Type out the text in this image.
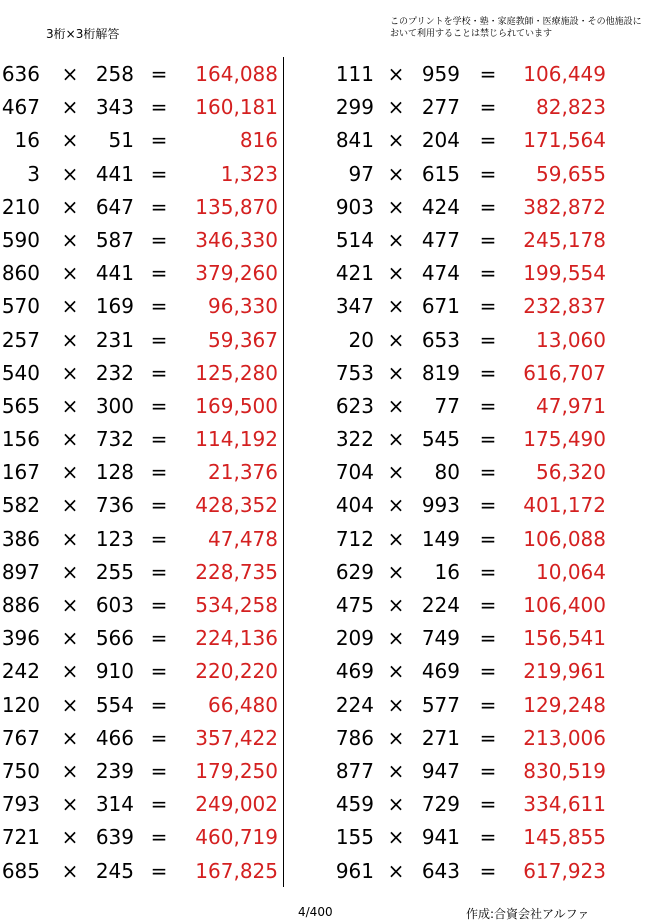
3桁×3桁解答
このプリントを学校・塾・家庭教師・医療施設・その他施設において利用することは禁じられています
636 × 258 =	164,088
467 × 343 =	160,181
16 ×	51 =	816
3 × 441 =	1,323
210 × 647 =	135,870
590 × 587 =	346,330
860 × 441 =	379,260
570 × 169 =	96,330
257 × 231 =	59,367
540 × 232 =	125,280
565 × 300 =	169,500
156 × 732 =	114,192
167 × 128 =	21,376
582 × 736 =	428,352
386 × 123 =	47,478
897 × 255 =	228,735
886 × 603 =	534,258
396 × 566 =	224,136
242 × 910 =	220,220
120 × 554 =	66,480
767 × 466 =	357,422
750 × 239 =	179,250
793 × 314 =	249,002
721 × 639 =	460,719
685 × 245 =	167,825
111 × 959 =	106,449
299 × 277 =	82,823
841 × 204 =	171,564
97 × 615 =	59,655
903 × 424 =	382,872
514 × 477 =	245,178
421 × 474 =	199,554
347 × 671 =	232,837
20 × 653 =	13,060
753 × 819 =	616,707
623 ×	77 =	47,971
322 × 545 =	175,490
704 ×	80 =	56,320
404 × 993 =	401,172
712 × 149 =	106,088
629 ×	16 =	10,064
475 × 224 =	106,400
209 × 749 =	156,541
469 × 469 =	219,961
224 × 577 =	129,248
786 × 271 =	213,006
877 × 947 =	830,519
459 × 729 =	334,611
155 × 941 =	145,855
961 × 643 =	617,923
4/400	作成:合資会社アルファ
